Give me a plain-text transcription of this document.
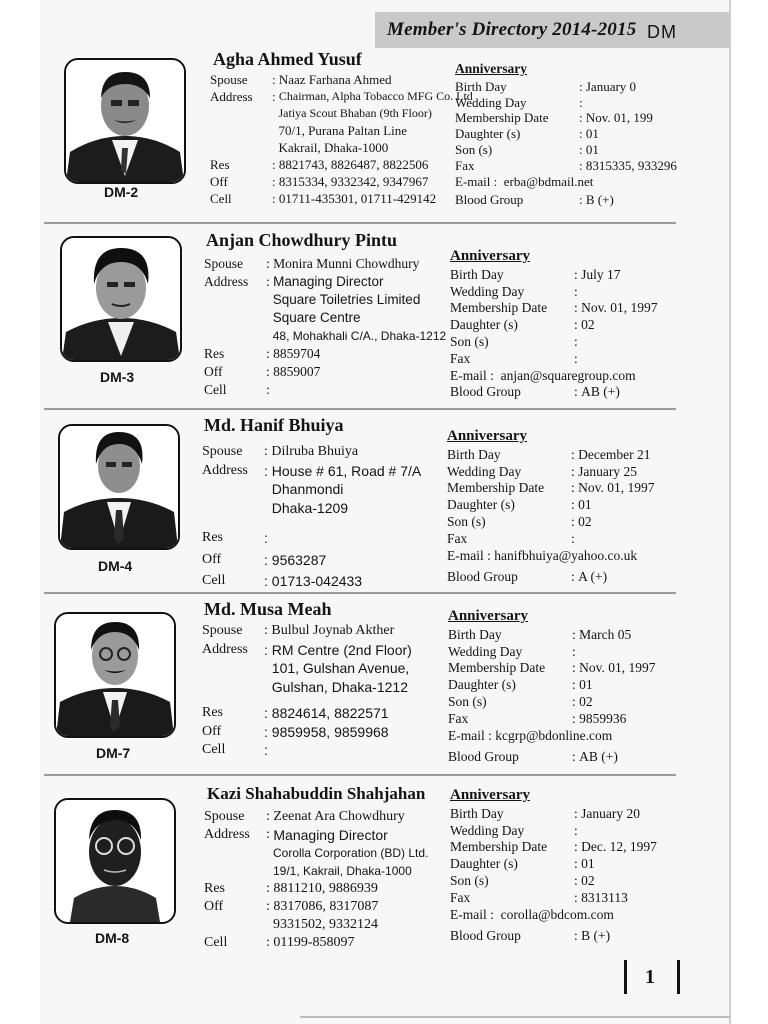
Member's Directory 2014-2015 DM
DM-2
Agha Ahmed Yusuf
Spouse	: Naaz Farhana Ahmed
Address	: Chairman, Alpha Tobacco MFG Co. Ltd

Jatiya Scout Bhaban (9th Floor)

70/1, Purana Paltan Line

Kakrail, Dhaka-1000
Res	: 8821743, 8826487, 8822506
Off	: 8315334, 9332342, 9347967
Cell	: 01711-435301, 01711-429142
Anniversary
Birth Day	: January 0
Wedding Day	:
Membership Date	: Nov. 01, 199
Daughter (s)	: 01
Son (s)	: 01
Fax	: 8315335, 933296
E-mail :
erba@bdmail.net
Blood Group	: B (+)
DM-3
Anjan Chowdhury Pintu
Spouse	: Monira Munni Chowdhury
Address	: Managing Director

Square Toiletries Limited

Square Centre

48, Mohakhali C/A., Dhaka-1212
Res	: 8859704
Off	: 8859007
Cell	:
Anniversary
Birth Day	: July 17
Wedding Day	:
Membership Date	: Nov. 01, 1997
Daughter (s)	: 02
Son (s)	:
Fax	:
E-mail :
anjan@squaregroup.com
Blood Group	: AB (+)
DM-4
Md. Hanif Bhuiya
Spouse	: Dilruba Bhuiya
Address	: House # 61, Road # 7/A

Dhanmondi

Dhaka-1209
Res	:
Off	: 9563287
Cell	: 01713-042433
Anniversary
Birth Day	: December 21
Wedding Day	: January 25
Membership Date	: Nov. 01, 1997
Daughter (s)	: 01
Son (s)	: 02
Fax	:
E-mail :
hanifbhuiya@yahoo.co.uk
Blood Group	: A (+)
DM-7
Md. Musa Meah
Spouse	: Bulbul Joynab Akther
Address	: RM Centre (2nd Floor)

101, Gulshan Avenue,

Gulshan, Dhaka-1212
Res	: 8824614, 8822571
Off	: 9859958, 9859968
Cell	:
Anniversary
Birth Day	: March 05
Wedding Day	:
Membership Date	: Nov. 01, 1997
Daughter (s)	: 01
Son (s)	: 02
Fax	: 9859936
E-mail :
kcgrp@bdonline.com
Blood Group	: AB (+)
DM-8
Kazi Shahabuddin Shahjahan
Spouse	: Zeenat Ara Chowdhury
Address	: Managing Director

Corolla Corporation (BD) Ltd.

19/1, Kakrail, Dhaka-1000
Res	: 8811210, 9886939
Off	: 8317086, 8317087

9331502, 9332124
Cell	: 01199-858097
Anniversary
Birth Day	: January 20
Wedding Day	:
Membership Date	: Dec. 12, 1997
Daughter (s)	: 01
Son (s)	: 02
Fax	: 8313113
E-mail :
corolla@bdcom.com
Blood Group	: B (+)
1
